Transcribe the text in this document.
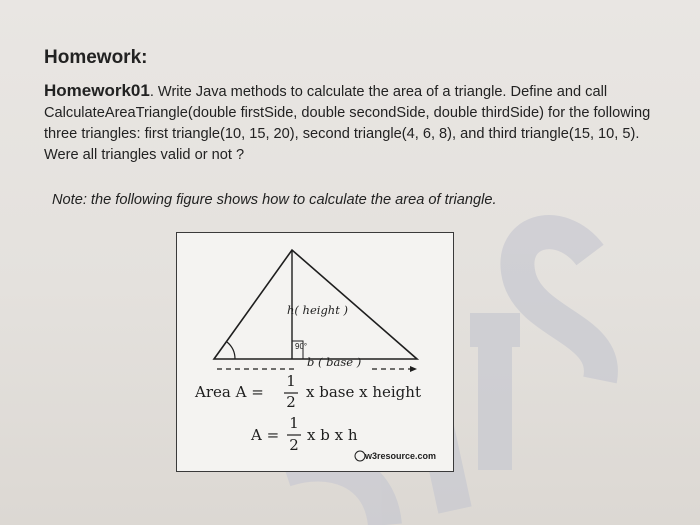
Homework:
Homework01. Write Java methods to calculate the area of a triangle. Define and call CalculateAreaTriangle(double firstSide, double secondSide, double thirdSide) for the following three triangles: first triangle(10, 15, 20), second triangle(4, 6, 8), and third triangle(15, 10, 5). Were all triangles valid or not ?
Note: the following figure shows how to calculate the area of triangle.
h( height )
90°
b ( base )
Area A =
1
2
x base x height
A =
1
2
x b x h
w3resource.com
